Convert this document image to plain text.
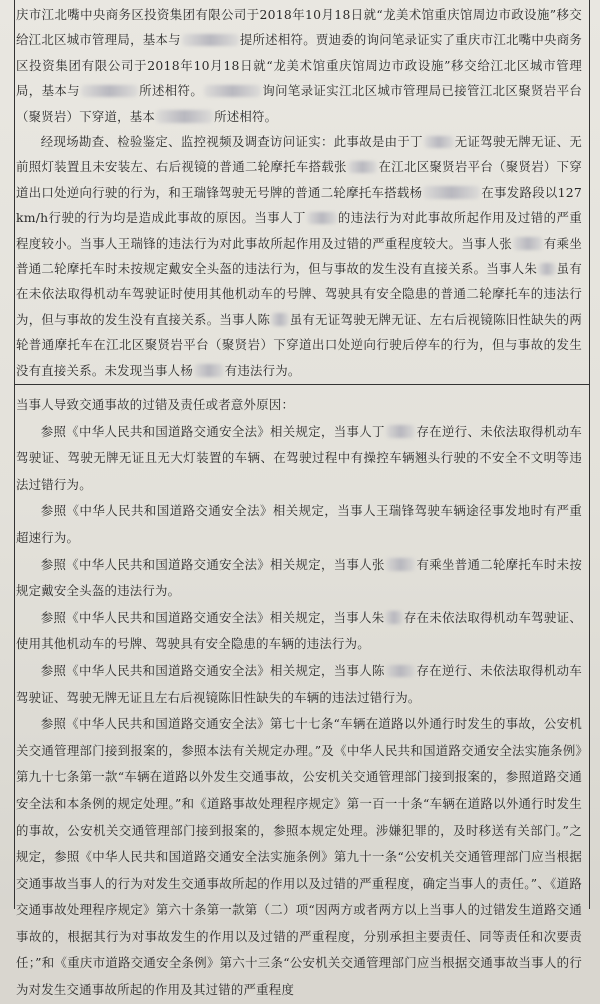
庆市江北嘴中央商务区投资集团有限公司于2018年10月18日就“龙美术馆重庆馆周边市政设施”移交给江北区城市管理局，基本与	提所述相符。贾迪委的询问笔录证实了重庆市江北嘴中央商务区投资集团有限公司于2018年10月18日就“龙美术馆重庆馆周边市政设施”移交给江北区城市管理局，基本与	所述相符。	询问笔录证实江北区城市管理局已接管江北区聚贤岩平台（聚贤岩）下穿道，基本	所述相符。

经现场勘查、检验鉴定、监控视频及调查访问证实：此事故是由于丁	无证驾驶无牌无证、无前照灯装置且未安装左、右后视镜的普通二轮摩托车搭载张	在江北区聚贤岩平台（聚贤岩）下穿道出口处逆向行驶的行为，和王瑞锋驾驶无号牌的普通二轮摩托车搭载杨	在事发路段以127km/h行驶的行为均是造成此事故的原因。当事人丁	的违法行为对此事故所起作用及过错的严重程度较小。当事人王瑞锋的违法行为对此事故所起作用及过错的严重程度较大。当事人张	有乘坐普通二轮摩托车时未按规定戴安全头盔的违法行为，但与事故的发生没有直接关系。当事人朱 虽有在未依法取得机动车驾驶证时使用其他机动车的号牌、驾驶具有安全隐患的普通二轮摩托车的违法行为，但与事故的发生没有直接关系。当事人陈 虽有无证驾驶无牌无证、左右后视镜陈旧性缺失的两轮普通摩托车在江北区聚贤岩平台（聚贤岩）下穿道出口处逆向行驶后停车的行为，但与事故的发生没有直接关系。未发现当事人杨	有违法行为。

当事人导致交通事故的过错及责任或者意外原因：

参照《中华人民共和国道路交通安全法》相关规定，当事人丁	存在逆行、未依法取得机动车驾驶证、驾驶无牌无证且无大灯装置的车辆、在驾驶过程中有操控车辆翘头行驶的不安全不文明等违法过错行为。

参照《中华人民共和国道路交通安全法》相关规定，当事人王瑞锋驾驶车辆途径事发地时有严重超速行为。

参照《中华人民共和国道路交通安全法》相关规定，当事人张	有乘坐普通二轮摩托车时未按规定戴安全头盔的违法行为。

参照《中华人民共和国道路交通安全法》相关规定，当事人朱 存在未依法取得机动车驾驶证、使用其他机动车的号牌、驾驶具有安全隐患的车辆的违法行为。

参照《中华人民共和国道路交通安全法》相关规定，当事人陈	存在逆行、未依法取得机动车驾驶证、驾驶无牌无证且左右后视镜陈旧性缺失的车辆的违法过错行为。

参照《中华人民共和国道路交通安全法》第七十七条“车辆在道路以外通行时发生的事故，公安机关交通管理部门接到报案的，参照本法有关规定办理。”及《中华人民共和国道路交通安全法实施条例》第九十七条第一款“车辆在道路以外发生交通事故，公安机关交通管理部门接到报案的，参照道路交通安全法和本条例的规定处理。”和《道路事故处理程序规定》第一百一十条“车辆在道路以外通行时发生的事故，公安机关交通管理部门接到报案的，参照本规定处理。涉嫌犯罪的，及时移送有关部门。”之规定，参照《中华人民共和国道路交通安全法实施条例》第九十一条“公安机关交通管理部门应当根据交通事故当事人的行为对发生交通事故所起的作用以及过错的严重程度，确定当事人的责任。”、《道路交通事故处理程序规定》第六十条第一款第（二）项“因两方或者两方以上当事人的过错发生道路交通事故的，根据其行为对事故发生的作用以及过错的严重程度，分别承担主要责任、同等责任和次要责任；”和《重庆市道路交通安全条例》第六十三条“公安机关交通管理部门应当根据交通事故当事人的行为对发生交通事故所起的作用及其过错的严重程度
